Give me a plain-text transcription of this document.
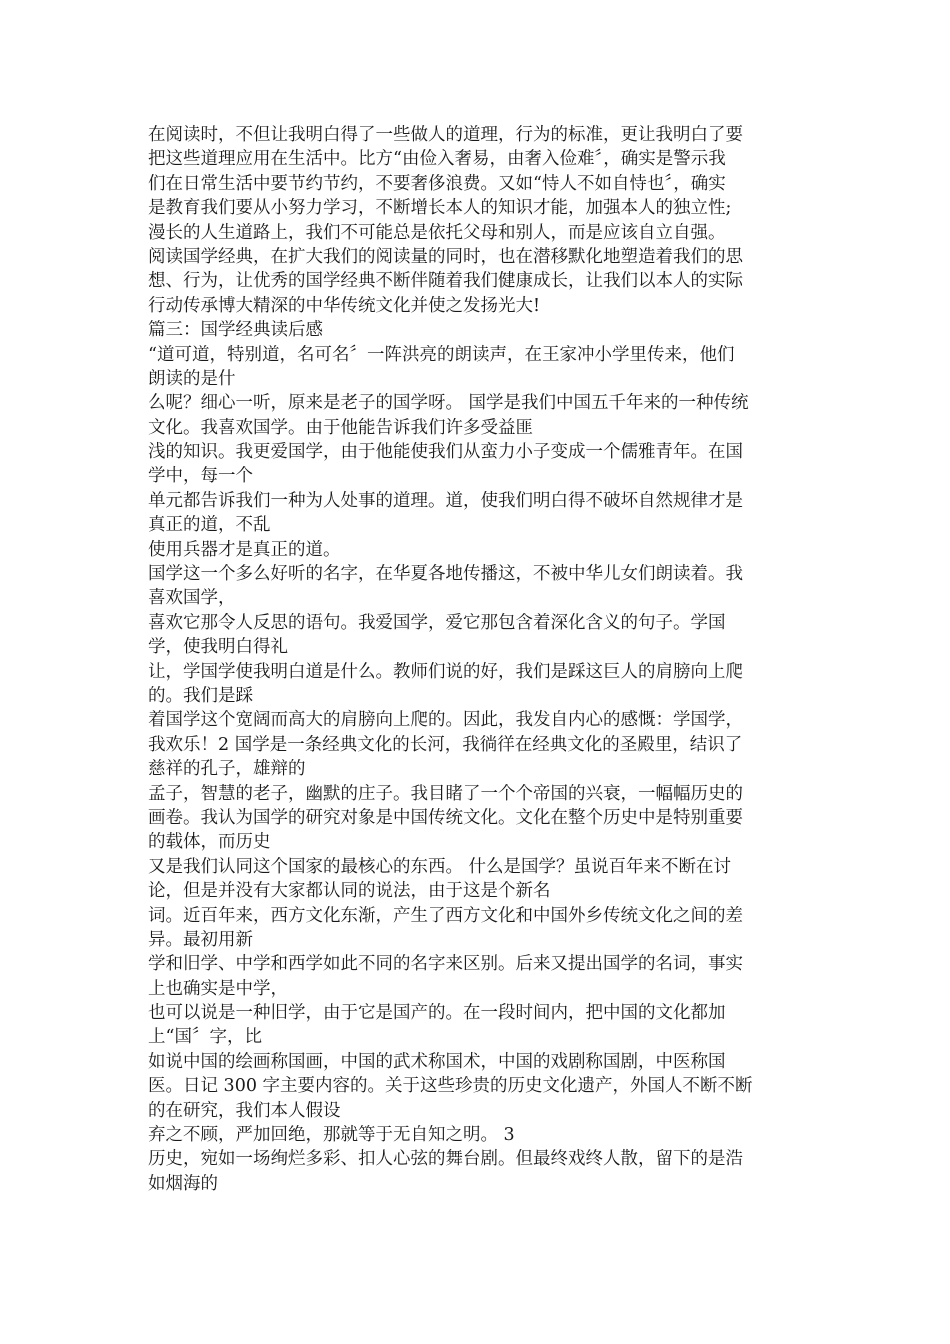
在阅读时，不但让我明白得了一些做人的道理，行为的标准，更让我明白了要
把这些道理应用在生活中。比方“由俭入奢易，由奢入俭难〞，确实是警示我
们在日常生活中要节约节约，不要奢侈浪费。又如“恃人不如自恃也〞，确实
是教育我们要从小努力学习，不断增长本人的知识才能，加强本人的独立性;
漫长的人生道路上，我们不可能总是依托父母和别人，而是应该自立自强。
阅读国学经典，在扩大我们的阅读量的同时，也在潜移默化地塑造着我们的思
想、行为，让优秀的国学经典不断伴随着我们健康成长，让我们以本人的实际
行动传承博大精深的中华传统文化并使之发扬光大!
篇三：国学经典读后感
“道可道，特别道，名可名〞一阵洪亮的朗读声，在王家冲小学里传来，他们
朗读的是什
么呢？细心一听，原来是老子的国学呀。 国学是我们中国五千年来的一种传统
文化。我喜欢国学。由于他能告诉我们许多受益匪
浅的知识。我更爱国学，由于他能使我们从蛮力小子变成一个儒雅青年。在国
学中，每一个
单元都告诉我们一种为人处事的道理。道，使我们明白得不破坏自然规律才是
真正的道，不乱
使用兵器才是真正的道。
国学这一个多么好听的名字，在华夏各地传播这，不被中华儿女们朗读着。我
喜欢国学，
喜欢它那令人反思的语句。我爱国学，爱它那包含着深化含义的句子。学国
学，使我明白得礼
让，学国学使我明白道是什么。教师们说的好，我们是踩这巨人的肩膀向上爬
的。我们是踩
着国学这个宽阔而高大的肩膀向上爬的。因此，我发自内心的感慨：学国学，
我欢乐！2 国学是一条经典文化的长河，我徜徉在经典文化的圣殿里，结识了
慈祥的孔子，雄辩的
孟子，智慧的老子，幽默的庄子。我目睹了一个个帝国的兴衰，一幅幅历史的
画卷。我认为国学的研究对象是中国传统文化。文化在整个历史中是特别重要
的载体，而历史
又是我们认同这个国家的最核心的东西。 什么是国学？虽说百年来不断在讨
论，但是并没有大家都认同的说法，由于这是个新名
词。近百年来，西方文化东渐，产生了西方文化和中国外乡传统文化之间的差
异。最初用新
学和旧学、中学和西学如此不同的名字来区别。后来又提出国学的名词，事实
上也确实是中学，
也可以说是一种旧学，由于它是国产的。在一段时间内，把中国的文化都加
上“国〞字，比
如说中国的绘画称国画，中国的武术称国术，中国的戏剧称国剧，中医称国
医。日记 300 字主要内容的。关于这些珍贵的历史文化遗产，外国人不断不断
的在研究，我们本人假设
弃之不顾，严加回绝，那就等于无自知之明。 3
历史，宛如一场绚烂多彩、扣人心弦的舞台剧。但最终戏终人散，留下的是浩
如烟海的
